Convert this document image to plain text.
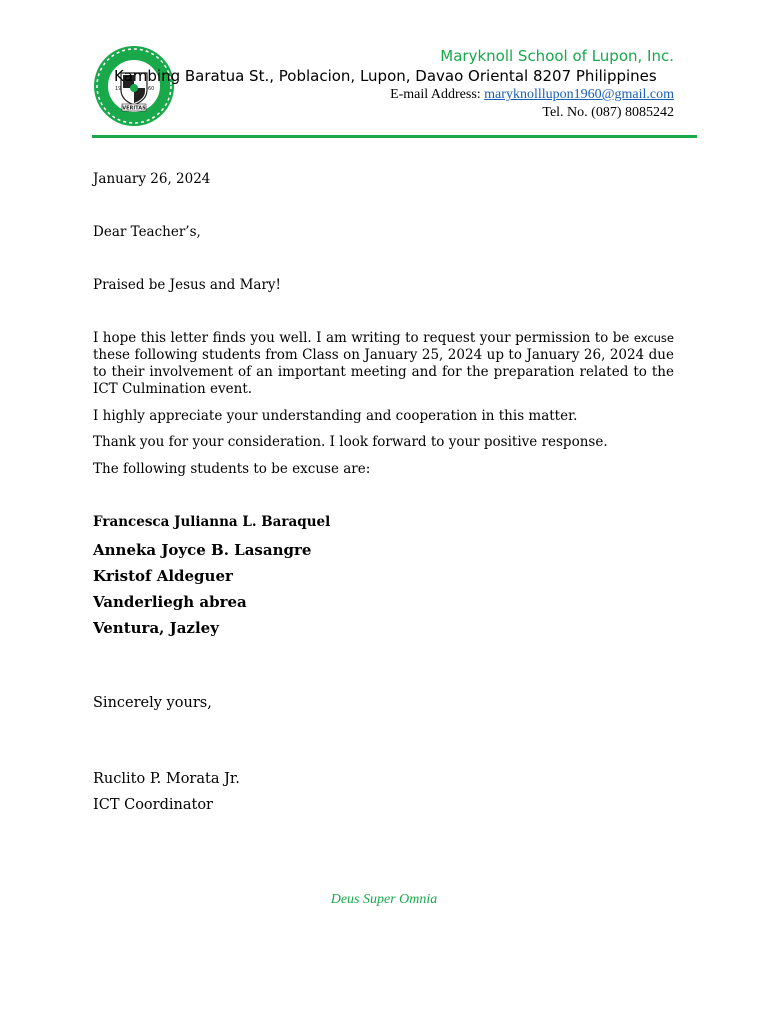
19	60
VERITAS
Maryknoll School of Lupon, Inc.
Kambing Baratua St., Poblacion, Lupon, Davao Oriental 8207 Philippines
E-mail Address: maryknolllupon1960@gmail.com
Tel. No. (087) 8085242
January 26, 2024
Dear Teacher’s,
Praised be Jesus and Mary!
I hope this letter finds you well. I am writing to request your permission to be excuse these following students from Class on January 25, 2024 up to January 26, 2024 due to their involvement of an important meeting and for the preparation related to the ICT Culmination event.
I highly appreciate your understanding and cooperation in this matter.
Thank you for your consideration. I look forward to your positive response.
The following students to be excuse are:
Francesca Julianna L. Baraquel
Anneka Joyce B. Lasangre
Kristof Aldeguer
Vanderliegh abrea
Ventura, Jazley
Sincerely yours,
Ruclito P. Morata Jr.
ICT Coordinator
Deus Super Omnia
